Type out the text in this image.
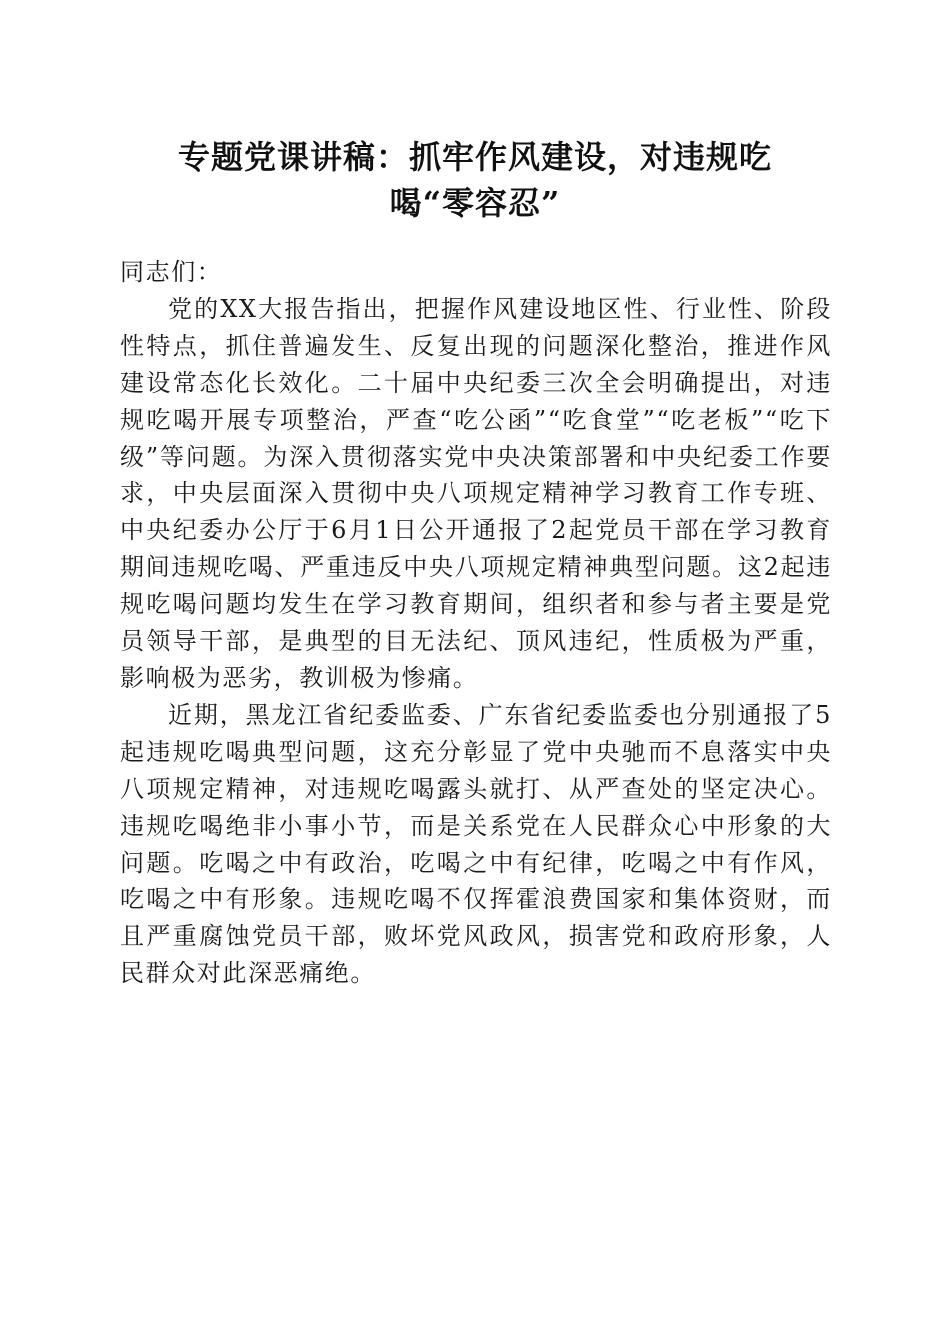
专题党课讲稿：抓牢作风建设，对违规吃
喝“零容忍”

同志们：

党的XX大报告指出，把握作风建设地区性、行业性、阶段性特点，抓住普遍发生、反复出现的问题深化整治，推进作风建设常态化长效化。二十届中央纪委三次全会明确提出，对违规吃喝开展专项整治，严查“吃公函”“吃食堂”“吃老板”“吃下级”等问题。为深入贯彻落实党中央决策部署和中央纪委工作要求，中央层面深入贯彻中央八项规定精神学习教育工作专班、中央纪委办公厅于6月1日公开通报了2起党员干部在学习教育期间违规吃喝、严重违反中央八项规定精神典型问题。这2起违规吃喝问题均发生在学习教育期间，组织者和参与者主要是党员领导干部，是典型的目无法纪、顶风违纪，性质极为严重，影响极为恶劣，教训极为惨痛。

近期，黑龙江省纪委监委、广东省纪委监委也分别通报了5起违规吃喝典型问题，这充分彰显了党中央驰而不息落实中央八项规定精神，对违规吃喝露头就打、从严查处的坚定决心。违规吃喝绝非小事小节，而是关系党在人民群众心中形象的大问题。吃喝之中有政治，吃喝之中有纪律，吃喝之中有作风，吃喝之中有形象。违规吃喝不仅挥霍浪费国家和集体资财，而且严重腐蚀党员干部，败坏党风政风，损害党和政府形象，人民群众对此深恶痛绝。
